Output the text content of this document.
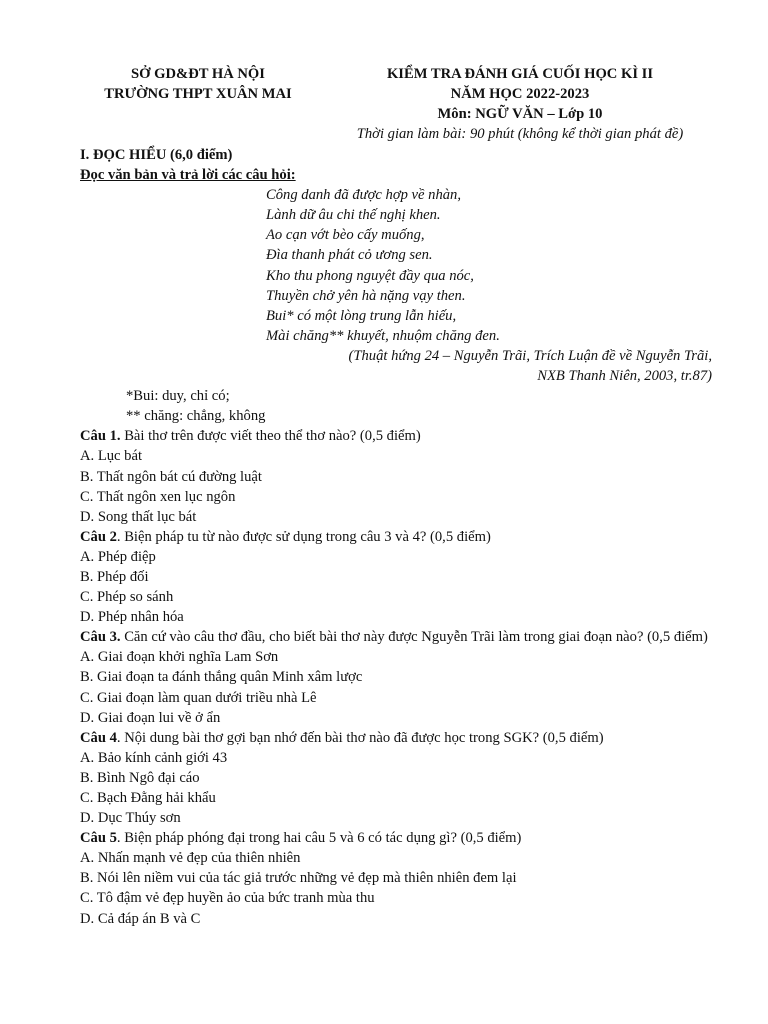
SỞ GD&ĐT HÀ NỘI
TRƯỜNG THPT XUÂN MAI
KIỂM TRA ĐÁNH GIÁ CUỐI HỌC KÌ II
NĂM HỌC 2022-2023
Môn: NGỮ VĂN – Lớp 10
Thời gian làm bài: 90 phút (không kể thời gian phát đề)
I. ĐỌC HIỂU (6,0 điểm)
Đọc văn bản và trả lời các câu hỏi:
Công danh đã được hợp về nhàn,
Lành dữ âu chi thế nghị khen.
Ao cạn vớt bèo cấy muống,
Đìa thanh phát cỏ ương sen.
Kho thu phong nguyệt đầy qua nóc,
Thuyền chở yên hà nặng vạy then.
Bui* có một lòng trung lẫn hiếu,
Mài chăng** khuyết, nhuộm chăng đen.
(Thuật hứng 24 – Nguyễn Trãi, Trích Luận đề về Nguyễn Trãi,
NXB Thanh Niên, 2003, tr.87)
*Bui: duy, chỉ có;
** chăng: chẳng, không
Câu 1. Bài thơ trên được viết theo thể thơ nào? (0,5 điểm)
A. Lục bát
B. Thất ngôn bát cú đường luật
C. Thất ngôn xen lục ngôn
D. Song thất lục bát
Câu 2. Biện pháp tu từ nào được sử dụng trong câu 3 và 4? (0,5 điểm)
A. Phép điệp
B. Phép đối
C. Phép so sánh
D. Phép nhân hóa
Câu 3. Căn cứ vào câu thơ đầu, cho biết bài thơ này được Nguyễn Trãi làm trong giai đoạn nào? (0,5 điểm)
A. Giai đoạn khởi nghĩa Lam Sơn
B. Giai đoạn ta đánh thắng quân Minh xâm lược
C. Giai đoạn làm quan dưới triều nhà Lê
D. Giai đoạn lui về ở ẩn
Câu 4. Nội dung bài thơ gợi bạn nhớ đến bài thơ nào đã được học trong SGK? (0,5 điểm)
A. Bảo kính cảnh giới 43
B. Bình Ngô đại cáo
C. Bạch Đằng hải khẩu
D. Dục Thúy sơn
Câu 5. Biện pháp phóng đại trong hai câu 5 và 6 có tác dụng gì? (0,5 điểm)
A. Nhấn mạnh vẻ đẹp của thiên nhiên
B. Nói lên niềm vui của tác giả trước những vẻ đẹp mà thiên nhiên đem lại
C. Tô đậm vẻ đẹp huyền ảo của bức tranh mùa thu
D. Cả đáp án B và C
